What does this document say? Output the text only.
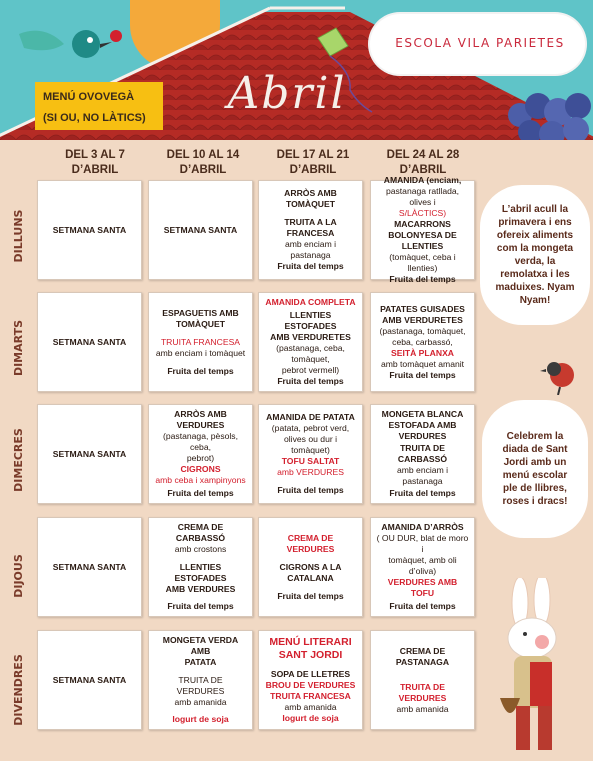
ESCOLA VILA PARIETES
Abril
MENÚ OVOVEGÀ
(SI OU, NO LÀTICS)
DEL 3 AL 7
D’ABRIL
DEL 10 AL 14
D’ABRIL
DEL 17 AL 21
D’ABRIL
DEL 24 AL 28
D’ABRIL
DILLUNS
DIMARTS
DIMECRES
DIJOUS
DIVENDRES
SETMANA SANTA	SETMANA SANTA
ARRÒS AMB
TOMÀQUET
TRUITA A LA FRANCESA
amb enciam i pastanaga
Fruita del temps
AMANIDA (enciam,
pastanaga ratllada, olives i
S/LÀCTICS)
MACARRONS
BOLONYESA DE
LLENTIES
(tomàquet, ceba i llenties)
Fruita del temps
SETMANA SANTA
ESPAGUETIS AMB
TOMÀQUET
TRUITA FRANCESA
amb enciam i tomàquet
Fruita del temps
AMANIDA COMPLETA
LLENTIES ESTOFADES
AMB VERDURETES
(pastanaga, ceba, tomàquet,
pebrot vermell)
Fruita del temps
PATATES GUISADES
AMB VERDURETES
(pastanaga, tomàquet,
ceba, carbassó,
SEITÀ PLANXA
amb tomàquet amanit
Fruita del temps
SETMANA SANTA
ARRÒS AMB VERDURES
(pastanaga, pèsols, ceba,
pebrot)
CIGRONS
amb ceba i xampinyons
Fruita del temps
AMANIDA DE PATATA
(patata, pebrot verd,
olives ou dur i tomàquet)
TOFU SALTAT
amb VERDURES
Fruita del temps
MONGETA BLANCA
ESTOFADA AMB
VERDURES
TRUITA DE CARBASSÓ
amb enciam i pastanaga
Fruita del temps
SETMANA SANTA
CREMA DE CARBASSÓ
amb crostons
LLENTIES ESTOFADES
AMB VERDURES
Fruita del temps
CREMA DE VERDURES
CIGRONS A LA
CATALANA
Fruita del temps
AMANIDA D’ARRÒS
( OU DUR, blat de moro i
tomàquet, amb oli d’oliva)
VERDURES AMB TOFU
Fruita del temps
SETMANA SANTA
MONGETA VERDA AMB
PATATA
TRUITA DE VERDURES
amb amanida
Iogurt de soja
MENÚ LITERARI
SANT JORDI
SOPA DE LLETRES
BROU DE VERDURES
TRUITA FRANCESA
amb amanida
Iogurt de soja
CREMA DE PASTANAGA
TRUITA DE VERDURES
amb amanida
L’abril acull la primavera i ens ofereix aliments com la mongeta verda, la remolatxa i les maduixes. Nyam Nyam!
Celebrem la diada de Sant Jordi amb un menú escolar ple de llibres, roses i dracs!
